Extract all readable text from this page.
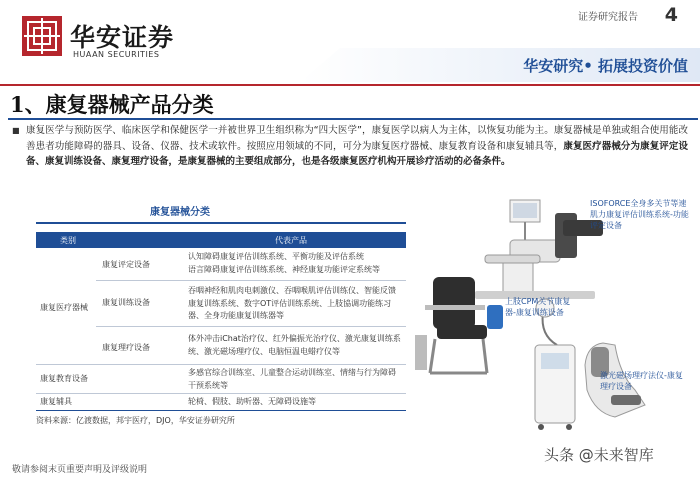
华安证券
HUAAN SECURITIES
证券研究报告 4
华安研究• 拓展投资价值
1、康复器械产品分类
■ 康复医学与预防医学、临床医学和保健医学一并被世界卫生组织称为“四大医学”，康复医学以病人为主体，以恢复功能为主。康复器械是单独或组合使用能改善患者功能障碍的器具、设备、仪器、技术或软件。按照应用领域的不同，可分为康复医疗器械、康复教育设备和康复辅具等，康复医疗器械分为康复评定设备、康复训练设备、康复理疗设备，是康复器械的主要组成部分，也是各级康复医疗机构开展诊疗活动的必备条件。
康复器械分类
类别	代表产品
康复医疗器械
康复评定设备
认知障碍康复评估训练系统、平衡功能及评估系统
语言障碍康复评估训练系统、神经康复功能评定系统等
康复训练设备
吞咽神经和肌肉电刺激仪、吞咽喉肌评估训练仪、智能反馈康复训练系统、数字OT评估训练系统、上肢協调功能练习器、全身功能康复训练器等
康复理疗设备
体外冲击iChat治疗仪、红外偏振光治疗仪、激光康复训练系统、激光磁场理疗仪、电脑恒温电蜡疗仪等
康复教育设备
多感官综合训练室、儿童整合运动训练室、情绪与行为障碍干预系统等
康复辅具	轮椅、假肢、助听器、无障碍设施等
资料来源：亿渡数据，邦宇医疗，DJO，华安证券研究所
ISOFORCE全身多关节等速肌力康复评估训练系统-功能评定设备
上肢CPM关节康复器-康复训练设备
激光磁场理疗法仪-康复理疗设备
敬请参阅末页重要声明及评级说明
头条 @未来智库
